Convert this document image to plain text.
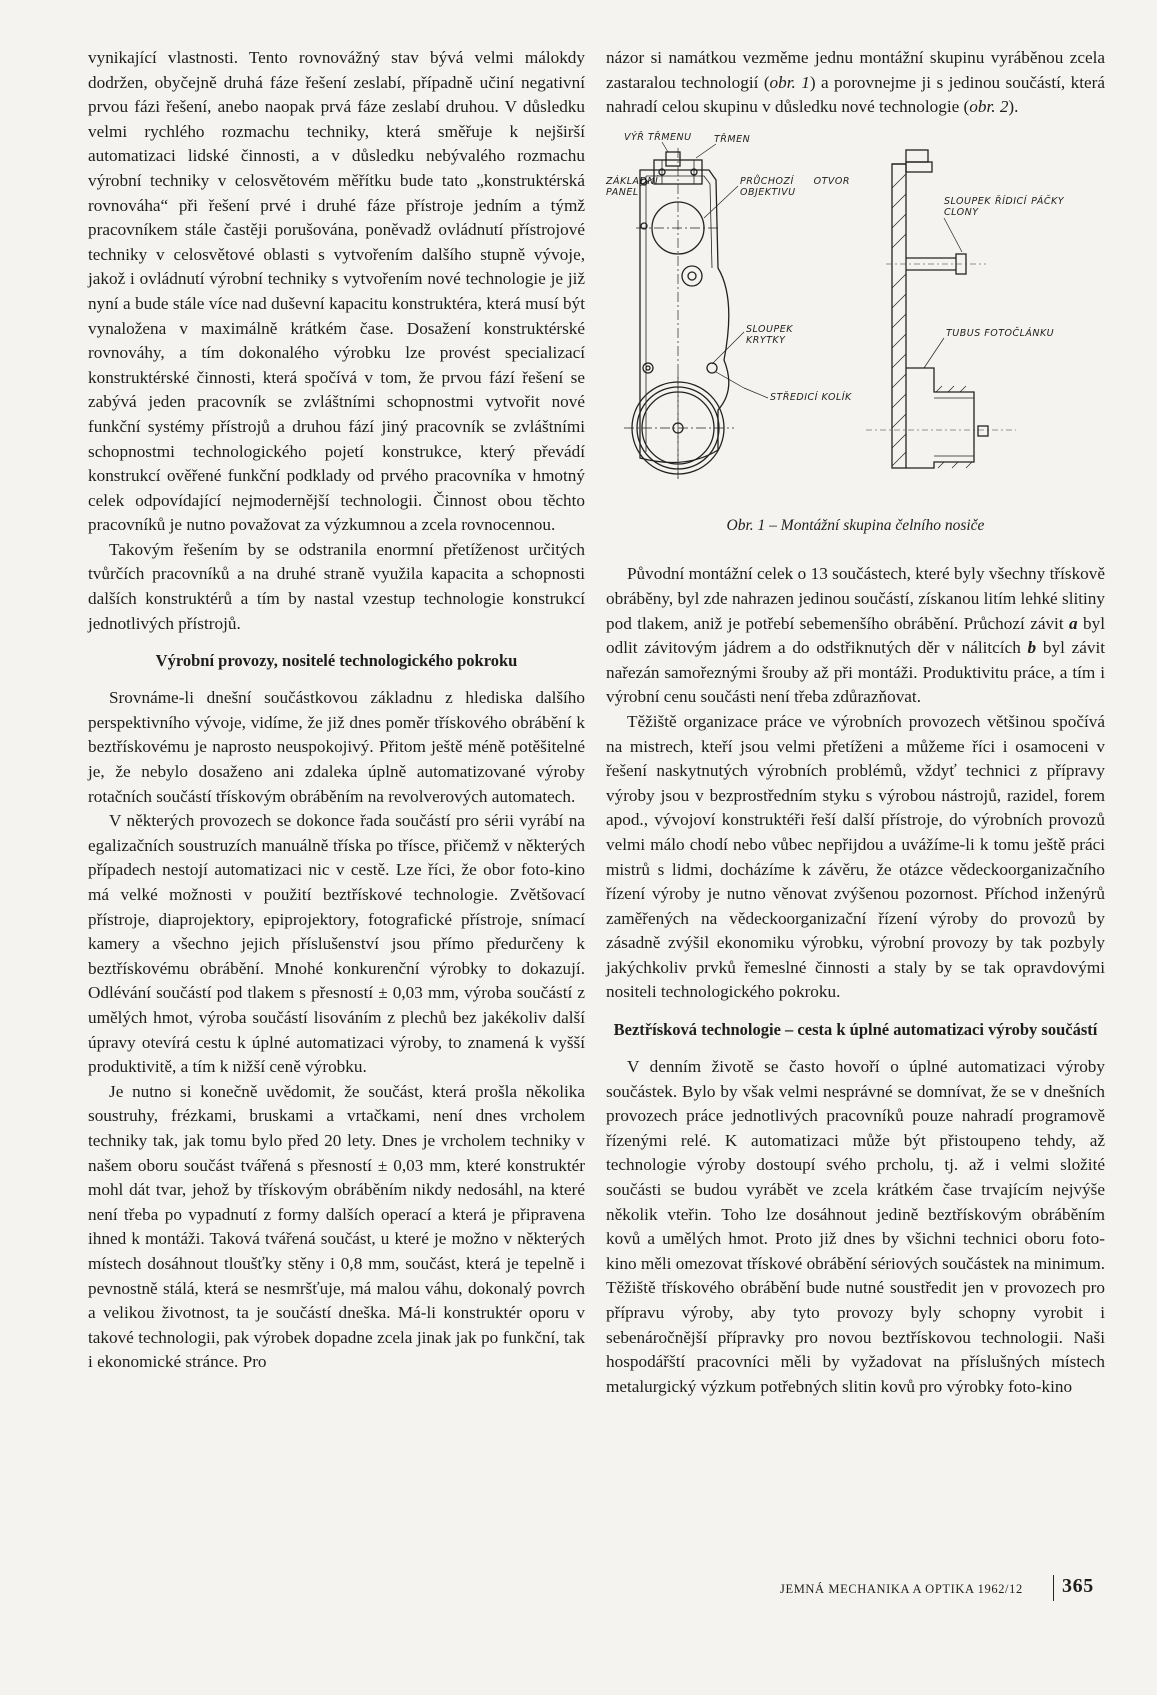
vynikající vlastnosti. Tento rovnovážný stav bývá velmi málokdy dodržen, obyčejně druhá fáze řešení zeslabí, případně učiní negativní prvou fázi řešení, anebo naopak prvá fáze zeslabí druhou. V důsledku velmi rychlého rozmachu techniky, která směřuje k nejširší automatizaci lidské činnosti, a v důsledku nebývalého rozmachu výrobní techniky v celosvětovém měřítku bude tato „konstruktérská rovnováha“ při řešení prvé i druhé fáze přístroje jedním a týmž pracovníkem stále častěji porušována, poněvadž ovládnutí přístrojové techniky v celosvětové oblasti s vytvořením dalšího stupně vývoje, jakož i ovládnutí výrobní techniky s vytvořením nové technologie je již nyní a bude stále více nad duševní kapacitu konstruktéra, která musí být vynaložena v maximálně krátkém čase. Dosažení konstruktérské rovnováhy, a tím dokonalého výrobku lze provést specializací konstruktérské činnosti, která spočívá v tom, že prvou fází řešení se zabývá jeden pracovník se zvláštními schopnostmi vytvořit nové funkční systémy přístrojů a druhou fází jiný pracovník se zvláštními schopnostmi technologického pojetí konstrukce, který převádí konstrukcí ověřené funkční podklady od prvého pracovníka v hmotný celek odpovídající nejmodernější technologii. Činnost obou těchto pracovníků je nutno považovat za výzkumnou a zcela rovnocennou.

Takovým řešením by se odstranila enormní přetíženost určitých tvůrčích pracovníků a na druhé straně využila kapacita a schopnosti dalších konstruktérů a tím by nastal vzestup technologie konstrukcí jednotlivých přístrojů.

Výrobní provozy, nositelé technologického pokroku

Srovnáme-li dnešní součástkovou základnu z hlediska dalšího perspektivního vývoje, vidíme, že již dnes poměr třískového obrábění k beztřískovému je naprosto neuspokojivý. Přitom ještě méně potěšitelné je, že nebylo dosaženo ani zdaleka úplně automatizované výroby rotačních součástí třískovým obráběním na revolverových automatech.

V některých provozech se dokonce řada součástí pro sérii vyrábí na egalizačních soustruzích manuálně tříska po třísce, přičemž v některých případech nestojí automatizaci nic v cestě. Lze říci, že obor foto-kino má velké možnosti v použití beztřískové technologie. Zvětšovací přístroje, diaprojektory, epiprojektory, fotografické přístroje, snímací kamery a všechno jejich příslušenství jsou přímo předurčeny k beztřískovému obrábění. Mnohé konkurenční výrobky to dokazují. Odlévání součástí pod tlakem s přesností ± 0,03 mm, výroba součástí z umělých hmot, výroba součástí lisováním z plechů bez jakékoliv další úpravy otevírá cestu k úplné automatizaci výroby, to znamená k vyšší produktivitě, a tím k nižší ceně výrobku.

Je nutno si konečně uvědomit, že součást, která prošla několika soustruhy, frézkami, bruskami a vrtačkami, není dnes vrcholem techniky tak, jak tomu bylo před 20 lety. Dnes je vrcholem techniky v našem oboru součást tvářená s přesností ± 0,03 mm, které konstruktér mohl dát tvar, jehož by třískovým obráběním nikdy nedosáhl, na které není třeba po vypadnutí z formy dalších operací a která je připravena ihned k montáži. Taková tvářená součást, u které je možno v některých místech dosáhnout tloušťky stěny i 0,8 mm, součást, která je tepelně i pevnostně stálá, která se nesmršťuje, má malou váhu, dokonalý povrch a velikou životnost, ta je součástí dneška. Má-li konstruktér oporu v takové technologii, pak výrobek dopadne zcela jinak jak po funkční, tak i ekonomické stránce. Pro

názor si namátkou vezměme jednu montážní skupinu vyráběnou zcela zastaralou technologií (obr. 1) a porovnejme ji s jedinou součástí, která nahradí celou skupinu v důsledku nové technologie (obr. 2).

VÝŘ TŘMENU TŘMEN
ZÁKLADNÍ PANEL
PRŮCHOZÍ OTVOR OBJEKTIVU
SLOUPEK ŘÍDICÍ PÁČKY CLONY
SLOUPEK KRYTKY
TUBUS FOTOČLÁNKU
STŘEDICÍ KOLÍK
Obr. 1 – Montážní skupina čelního nosiče

Původní montážní celek o 13 součástech, které byly všechny třískově obráběny, byl zde nahrazen jedinou součástí, získanou litím lehké slitiny pod tlakem, aniž je potřebí sebemenšího obrábění. Průchozí závit a byl odlit závitovým jádrem a do odstřiknutých děr v nálitcích b byl závit nařezán samořeznými šrouby až při montáži. Produktivitu práce, a tím i výrobní cenu součásti není třeba zdůrazňovat.

Těžiště organizace práce ve výrobních provozech většinou spočívá na mistrech, kteří jsou velmi přetíženi a můžeme říci i osamoceni v řešení naskytnutých výrobních problémů, vždyť technici z přípravy výroby jsou v bezprostředním styku s výrobou nástrojů, razidel, forem apod., vývojoví konstruktéři řeší další přístroje, do výrobních provozů velmi málo chodí nebo vůbec nepřijdou a uvážíme-li k tomu ještě práci mistrů s lidmi, docházíme k závěru, že otázce vědeckoorganizačního řízení výroby je nutno věnovat zvýšenou pozornost. Příchod inženýrů zaměřených na vědeckoorganizační řízení výroby do provozů by zásadně zvýšil ekonomiku výrobku, výrobní provozy by tak pozbyly jakýchkoliv prvků řemeslné činnosti a staly by se tak opravdovými nositeli technologického pokroku.

Beztřísková technologie – cesta k úplné automatizaci výroby součástí

V denním životě se často hovoří o úplné automatizaci výroby součástek. Bylo by však velmi nesprávné se domnívat, že se v dnešních provozech práce jednotlivých pracovníků pouze nahradí programově řízenými relé. K automatizaci může být přistoupeno tehdy, až technologie výroby dostoupí svého prcholu, tj. až i velmi složité součásti se budou vyrábět ve zcela krátkém čase trvajícím nejvýše několik vteřin. Toho lze dosáhnout jedině beztřískovým obráběním kovů a umělých hmot. Proto již dnes by všichni technici oboru foto-kino měli omezovat třískové obrábění sériových součástek na minimum. Těžiště třískového obrábění bude nutné soustředit jen v provozech pro přípravu výroby, aby tyto provozy byly schopny vyrobit i sebenáročnější přípravky pro novou beztřískovou technologii. Naši hospodářští pracovníci měli by vyžadovat na příslušných místech metalurgický výzkum potřebných slitin kovů pro výrobky foto-kino

JEMNÁ MECHANIKA A OPTIKA 1962/12 365
